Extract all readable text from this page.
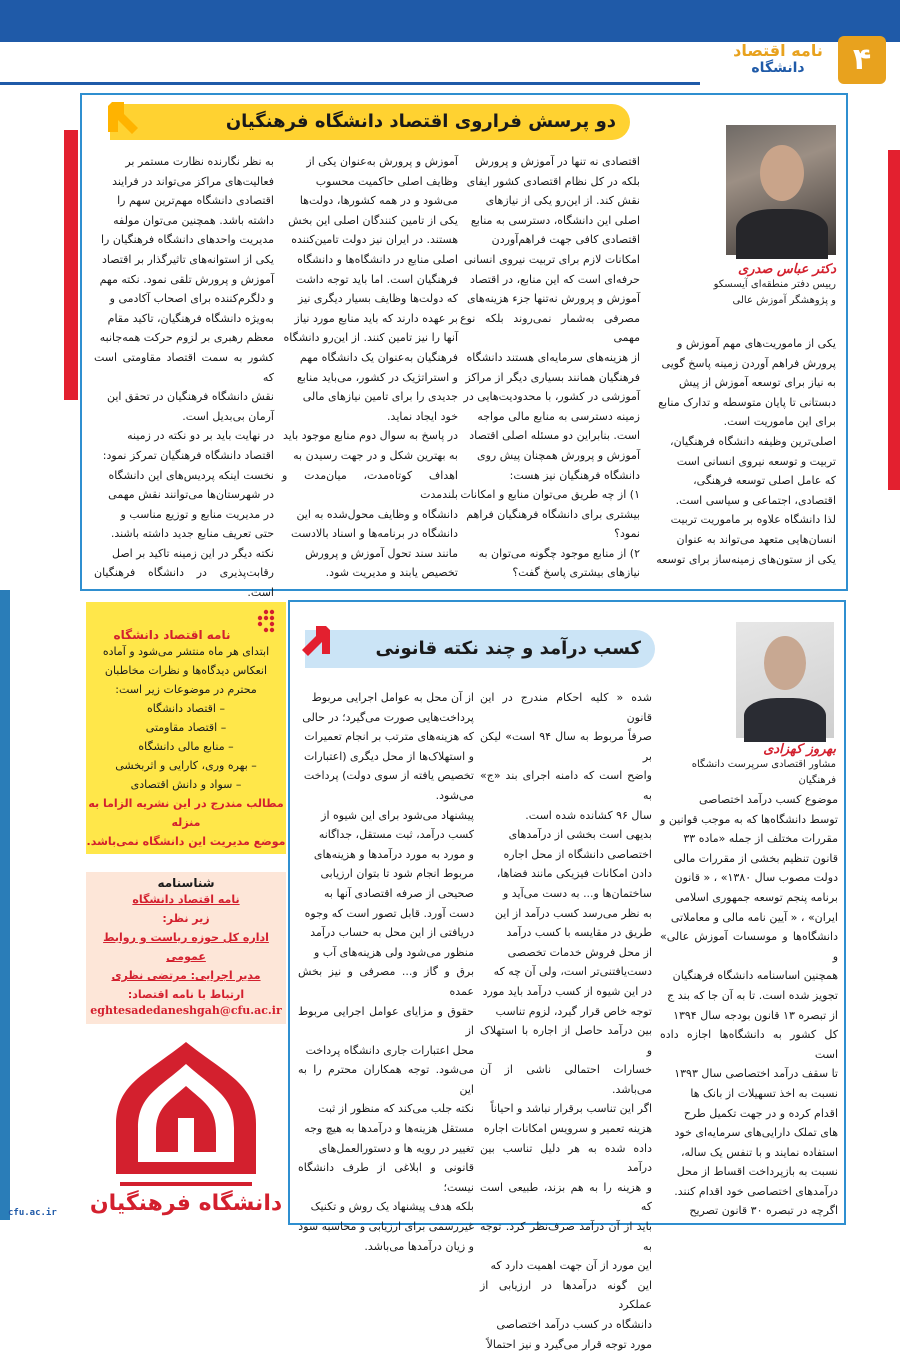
نامه اقتصاد
دانشگاه	۴
دو پرسش فراروی اقتصاد دانشگاه فرهنگیان
دکتر عباس صدری
رییس دفتر منطقه‌ای آیسسکو
و پژوهشگر آموزش عالی
یکی از ماموریت‌های مهم آموزش و
پرورش فراهم آوردن زمینه پاسخ گویی
به نیاز برای توسعه آموزش از پیش
دبستانی تا پایان متوسطه و تدارک منابع
برای این ماموریت است.
اصلی‌ترین وظیفه دانشگاه فرهنگیان،
تربیت و توسعه نیروی انسانی است
که عامل اصلی توسعه فرهنگی،
اقتصادی، اجتماعی و سیاسی است.
لذا دانشگاه علاوه بر ماموریت تربیت
انسان‌هایی متعهد می‌تواند به عنوان
یکی از ستون‌های زمینه‌ساز برای توسعه
اقتصادی نه تنها در آموزش و پرورش
بلکه در کل نظام اقتصادی کشور ایفای
نقش کند. از این‌رو یکی از نیازهای
اصلی این دانشگاه، دسترسی به منابع
اقتصادی کافی جهت فراهم‌آوردن
امکانات لازم برای تربیت نیروی انسانی
حرفه‌ای است که این منابع، در اقتصاد
آموزش و پرورش نه‌تنها جزء هزینه‌های
مصرفی به‌شمار نمی‌روند بلکه نوع مهمی
از هزینه‌های سرمایه‌ای هستند دانشگاه
فرهنگیان همانند بسیاری دیگر از مراکز
آموزشی در کشور، با محدودیت‌هایی در
زمینه دسترسی به منابع مالی مواجه
است. بنابراین دو مسئله اصلی اقتصاد
آموزش و پرورش همچنان پیش روی
دانشگاه فرهنگیان نیز هست:
۱) از چه طریق می‌توان منابع و امکانات
بیشتری برای دانشگاه فرهنگیان فراهم
نمود؟
۲) از منابع موجود چگونه می‌توان به
نیازهای بیشتری پاسخ گفت؟
آموزش و پرورش به‌عنوان یکی از
وظایف اصلی حاکمیت محسوب
می‌شود و در همه کشورها، دولت‌ها
یکی از تامین کنندگان اصلی این بخش
هستند. در ایران نیز دولت تامین‌کننده
اصلی منابع در دانشگاه‌ها و دانشگاه
فرهنگیان است. اما باید توجه داشت
که دولت‌ها وظایف بسیار دیگری نیز
بر عهده دارند که باید منابع مورد نیاز
آنها را نیز تامین کنند. از این‌رو دانشگاه
فرهنگیان به‌عنوان یک دانشگاه مهم
و استراتژیک در کشور، می‌باید منابع
جدیدی را برای تامین نیازهای مالی
خود ایجاد نماید.
در پاسخ به سوال دوم منابع موجود باید
به بهترین شکل و در جهت رسیدن به
اهداف کوتاه‌مدت، میان‌مدت و بلندمدت
دانشگاه و وظایف محول‌شده به این
دانشگاه در برنامه‌ها و اسناد بالادست
مانند سند تحول آموزش و پرورش
تخصیص یابند و مدیریت شود.
به نظر نگارنده نظارت مستمر بر
فعالیت‌های مراکز می‌تواند در فرایند
اقتصادی دانشگاه مهم‌ترین سهم را
داشته باشد. همچنین می‌توان مولفه
مدیریت واحدهای دانشگاه فرهنگیان را
یکی از استوانه‌های تاثیرگذار بر اقتصاد
آموزش و پرورش تلقی نمود. نکته مهم
و دلگرم‌کننده برای اصحاب آکادمی و
به‌ویژه دانشگاه فرهنگیان، تاکید مقام
معظم رهبری بر لزوم حرکت همه‌جانبه
کشور به سمت اقتصاد مقاومتی است که
نقش دانشگاه فرهنگیان در تحقق این
آرمان بی‌بدیل است.
در نهایت باید بر دو نکته در زمینه
اقتصاد دانشگاه فرهنگیان تمرکز نمود:
نخست اینکه پردیس‌های این دانشگاه
در شهرستان‌ها می‌توانند نقش مهمی
در مدیریت منابع و توزیع مناسب و
حتی تعریف منابع جدید داشته باشند.
نکته دیگر در این زمینه تاکید بر اصل
رقابت‌پذیری در دانشگاه فرهنگیان است.
کسب درآمد و چند نکته قانونی
بهروز کهزادی
مشاور اقتصادی سرپرست دانشگاه فرهنگیان
موضوع کسب درآمد اختصاصی
توسط دانشگاه‌ها که به موجب قوانین و
مقررات مختلف از جمله «ماده ۳۳
قانون تنظیم بخشی از مقررات مالی
دولت مصوب سال ۱۳۸۰» ، « قانون
برنامه پنجم توسعه جمهوری اسلامی
ایران» ، « آیین نامه مالی و معاملاتی
دانشگاه‌ها و موسسات آموزش عالی» و
همچنین اساسنامه دانشگاه فرهنگیان
تجویز شده است. تا به آن جا که بند ج
از تبصره ۱۳ قانون بودجه سال ۱۳۹۴
کل کشور به دانشگاه‌ها اجازه داده است
تا سقف درآمد اختصاصی سال ۱۳۹۳
نسبت به اخذ تسهیلات از بانک ها
اقدام کرده و در جهت تکمیل طرح
های تملک دارایی‌های سرمایه‌ای خود
استفاده نمایند و با تنفس یک ساله،
نسبت به بازپرداخت اقساط از محل
درآمدهای اختصاصی خود اقدام کنند.
اگرچه در تبصره ۳۰ قانون تصریح
شده « کلیه احکام مندرج در این قانون
صرفاً مربوط به سال ۹۴ است» لیکن بر
واضح است که دامنه اجرای بند «ج» به
سال ۹۶ کشانده شده است.
بدیهی است بخشی از درآمدهای
اختصاصی دانشگاه از محل اجاره
دادن امکانات فیزیکی مانند فضاها،
ساختمان‌ها و... به دست می‌آید و
به نظر می‌رسد کسب درآمد از این
طریق در مقایسه با کسب درآمد
از محل فروش خدمات تخصصی
دست‌یافتنی‌تر است، ولی آن چه که
در این شیوه از کسب درآمد باید مورد
توجه خاص قرار گیرد، لزوم تناسب
بین درآمد حاصل از اجاره با استهلاک و
خسارات احتمالی ناشی از آن می‌باشد.
اگر این تناسب برقرار نباشد و احیاناً
هزینه تعمیر و سرویس امکانات اجاره
داده شده به هر دلیل تناسب بین درآمد
و هزینه را به هم بزند، طبیعی است که
باید از آن درآمد صرف‌نظر کرد. توجه به
این مورد از آن جهت اهمیت دارد که
این گونه درآمدها در ارزیابی از عملکرد
دانشگاه در کسب درآمد اختصاصی
مورد توجه قرار می‌گیرد و نیز احتمالاً
از آن محل به عوامل اجرایی مربوط
پرداخت‌هایی صورت می‌گیرد؛ در حالی
که هزینه‌های مترتب بر انجام تعمیرات
و استهلاک‌ها از محل دیگری (اعتبارات
تخصیص یافته از سوی دولت) پرداخت
می‌شود.
پیشنهاد می‌شود برای این شیوه از
کسب درآمد، ثبت مستقل، جداگانه
و مورد به مورد درآمدها و هزینه‌های
مربوط انجام شود تا بتوان ارزیابی
صحیحی از صرفه اقتصادی آنها به
دست آورد. قابل تصور است که وجوه
دریافتی از این محل به حساب درآمد
منظور می‌شود ولی هزینه‌های آب و
برق و گاز و... مصرفی و نیز بخش عمده
حقوق و مزایای عوامل اجرایی مربوط از
محل اعتبارات جاری دانشگاه پرداخت
می‌شود. توجه همکاران محترم را به این
نکته جلب می‌کند که منظور از ثبت
مستقل هزینه‌ها و درآمدها به هیچ وجه
تغییر در رویه ها و دستورالعمل‌های
قانونی و ابلاغی از طرف دانشگاه نیست؛
بلکه هدف پیشنهاد یک روش و تکنیک
غیررسمی برای ارزیابی و محاسبه سود
و زیان درآمدها می‌باشد.
نامه اقتصاد دانشگاه
ابتدای هر ماه منتشر می‌شود و آماده
انعکاس دیدگاه‌ها و نظرات مخاطبان
محترم در موضوعات زیر است:
– اقتصاد دانشگاه
– اقتصاد مقاومتی
– منابع مالی دانشگاه
– بهره وری، کارایی و اثربخشی
– سواد و دانش اقتصادی
مطالب مندرج در این نشریه الزاما به منزله
موضع مدیریت این دانشگاه نمی‌باشد.
شناسنامه
نامه اقتصاد دانشگاه
زیر نظر:
اداره کل حوزه ریاست و روابط عمومی
مدیر اجرایی: مرتضی نظری
ارتباط با نامه اقتصاد:
eghtesadedaneshgah@cfu.ac.ir
دانشگاه فرهنگیان
cfu.ac.ir
